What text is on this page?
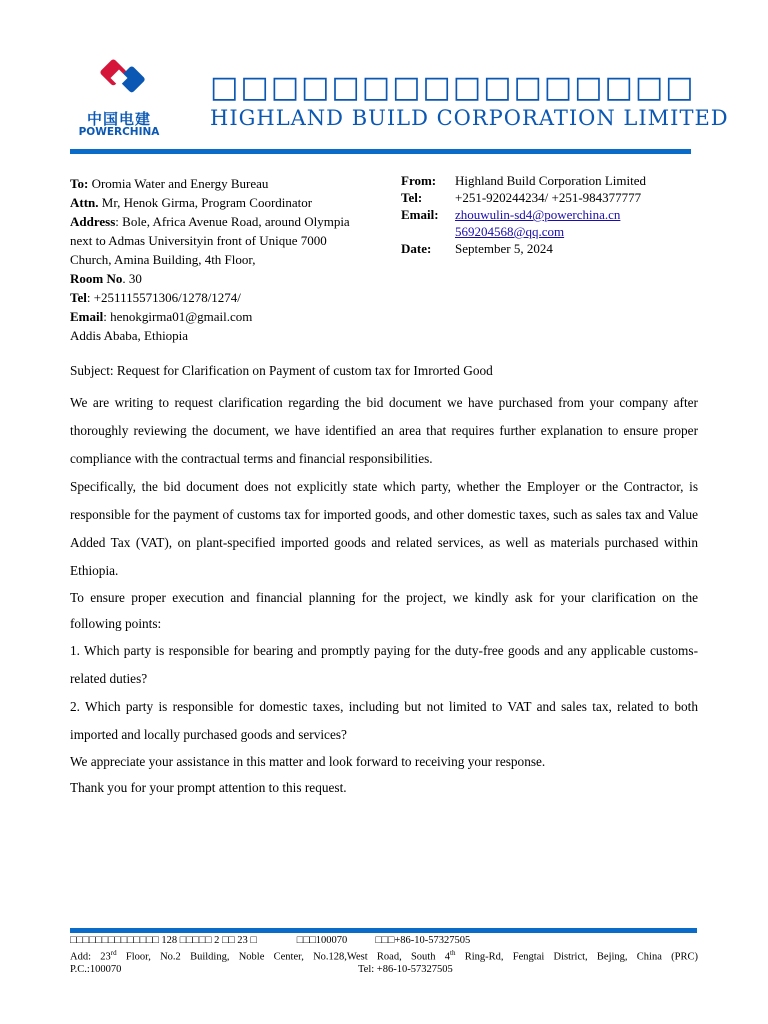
中国电建
POWERCHINA
□□□□□□□□□□□□□□□□
HIGHLAND BUILD CORPORATION LIMITED
To: Oromia Water and Energy Bureau
Attn. Mr, Henok Girma, Program Coordinator
Address: Bole, Africa Avenue Road, around Olympia next to Admas Universityin front of Unique 7000 Church, Amina Building, 4th Floor,
Room No. 30
Tel: +251115571306/1278/1274/
Email: henokgirma01@gmail.com
Addis Ababa, Ethiopia
From:	Highland Build Corporation Limited
Tel:	+251-920244234/ +251-984377777
Email:	zhouwulin-sd4@powerchina.cn
569204568@qq.com
Date:	September 5, 2024
Subject: Request for Clarification on Payment of custom tax for Imrorted Good

We are writing to request clarification regarding the bid document we have purchased from your company after thoroughly reviewing the document, we have identified an area that requires further explanation to ensure proper compliance with the contractual terms and financial responsibilities.

Specifically, the bid document does not explicitly state which party, whether the Employer or the Contractor, is responsible for the payment of customs tax for imported goods, and other domestic taxes, such as sales tax and Value Added Tax (VAT), on plant-specified imported goods and related services, as well as materials purchased within Ethiopia.

To ensure proper execution and financial planning for the project, we kindly ask for your clarification on the following points:

1. Which party is responsible for bearing and promptly paying for the duty-free goods and any applicable customs-related duties?

2. Which party is responsible for domestic taxes, including but not limited to VAT and sales tax, related to both imported and locally purchased goods and services?

We appreciate your assistance in this matter and look forward to receiving your response.

Thank you for your prompt attention to this request.

□□□□□□□□□□□□□□ 128 □□□□□ 2 □□ 23 □	□□□100070	□□□+86-10-57327505
Add: 23rd Floor, No.2 Building, Noble Center, No.128,West Road, South 4th Ring-Rd, Fengtai District, Bejing, China (PRC)
P.C.:100070	Tel: +86-10-57327505
